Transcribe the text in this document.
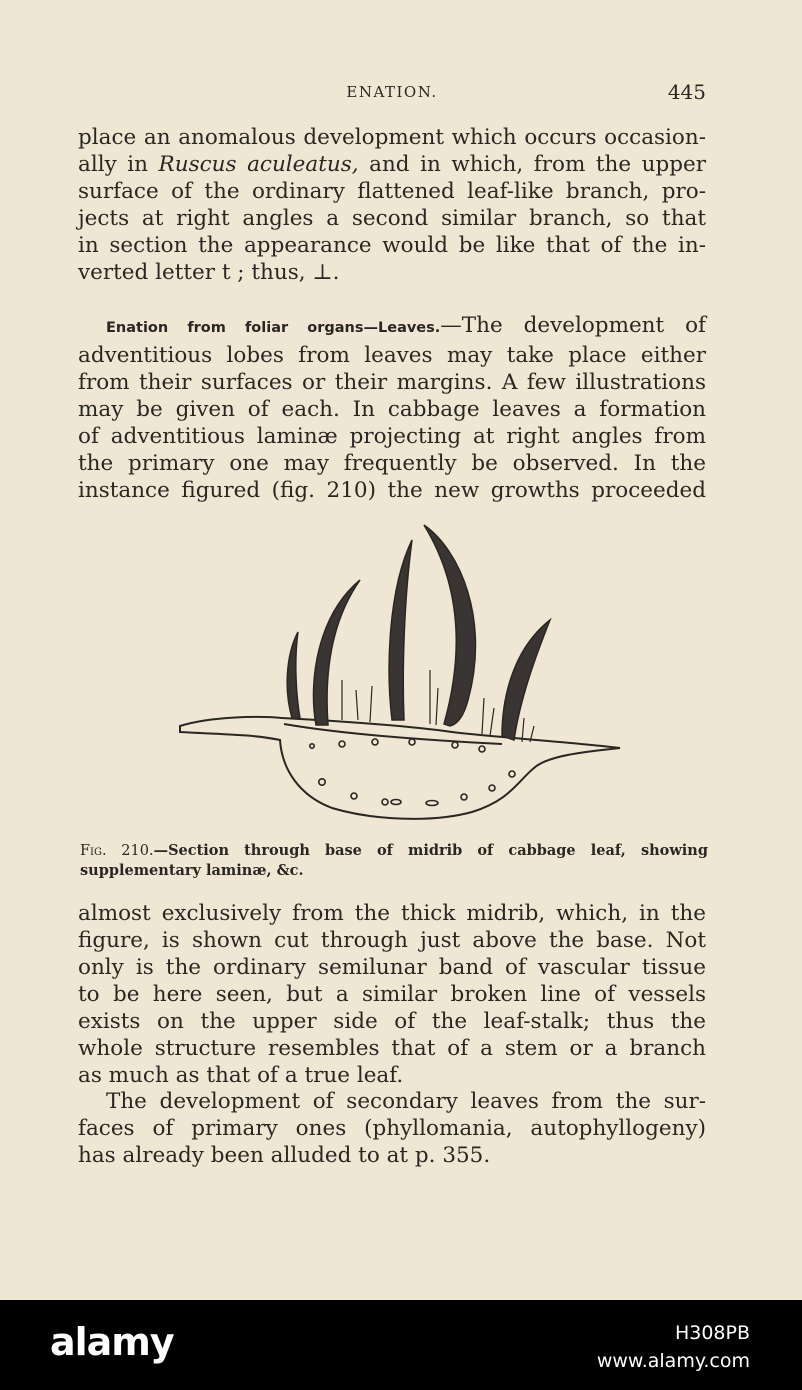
ENATION.	445
place an anomalous development which occurs occasion-
ally in Ruscus aculeatus, and in which, from the upper
surface of the ordinary flattened leaf-like branch, pro-
jects at right angles a second similar branch, so that
in section the appearance would be like that of the in-
verted letter t ; thus, ⊥.
Enation from foliar organs—Leaves.—The development of
adventitious lobes from leaves may take place either
from their surfaces or their margins. A few illustrations
may be given of each. In cabbage leaves a formation
of adventitious laminæ projecting at right angles from
the primary one may frequently be observed. In the
instance figured (fig. 210) the new growths proceeded
Fig. 210.—Section through base of midrib of cabbage leaf, showing
supplementary laminæ, &c.
almost exclusively from the thick midrib, which, in the
figure, is shown cut through just above the base. Not
only is the ordinary semilunar band of vascular tissue
to be here seen, but a similar broken line of vessels
exists on the upper side of the leaf-stalk; thus the
whole structure resembles that of a stem or a branch
as much as that of a true leaf.
The development of secondary leaves from the sur-
faces of primary ones (phyllomania, autophyllogeny)
has already been alluded to at p. 355.
alamy	H308PB
www.alamy.com
